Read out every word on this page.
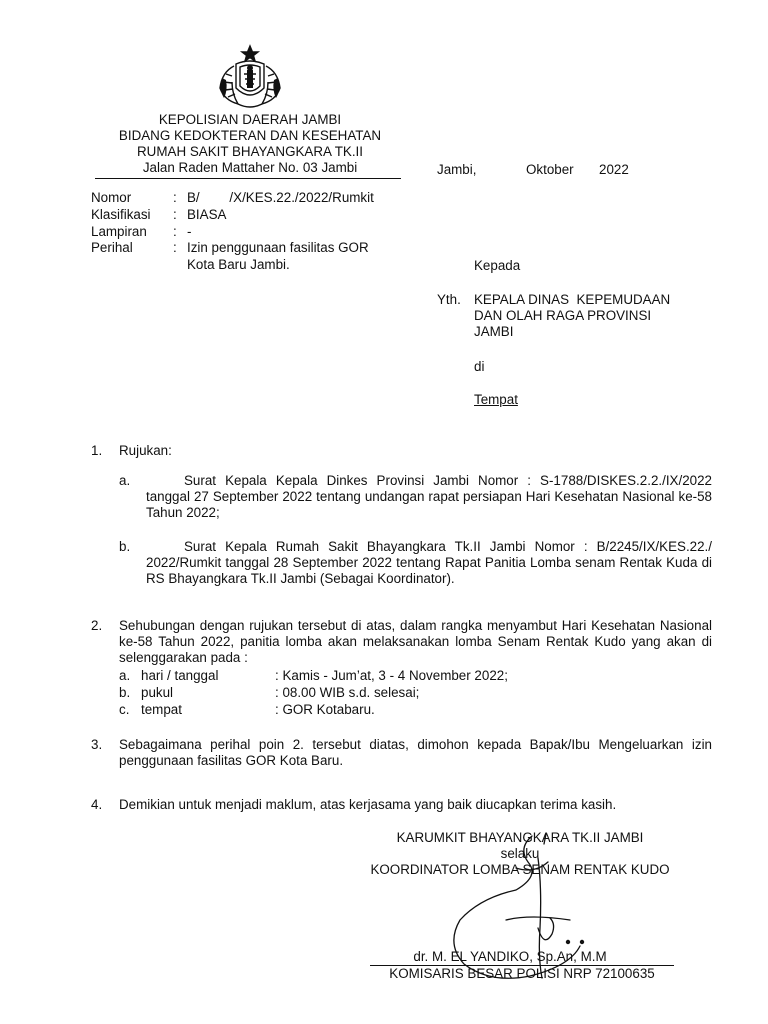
KEPOLISIAN DAERAH JAMBI
BIDANG KEDOKTERAN DAN KESEHATAN
RUMAH SAKIT BHAYANGKARA TK.II
Jalan Raden Mattaher No. 03 Jambi	Jambi,	Oktober 2022
Nomor	: B/        /X/KES.22./2022/Rumkit
Klasifikasi : BIASA
Lampiran : -
Perihal	: Izin penggunaan fasilitas GOR
Kota Baru Jambi.	Kepada
Yth. KEPALA DINAS  KEPEMUDAAN
DAN OLAH RAGA PROVINSI
JAMBI
di
Tempat
1. Rujukan:
a.	Surat Kepala Kepala Dinkes Provinsi Jambi Nomor : S-1788/DISKES.2.2./IX/2022 tanggal 27 September 2022 tentang undangan rapat persiapan Hari Kesehatan Nasional ke-58 Tahun 2022;
b.	Surat Kepala Rumah Sakit Bhayangkara Tk.II Jambi Nomor : B/2245/IX/KES.22./ 2022/Rumkit tanggal 28 September 2022 tentang Rapat Panitia Lomba senam Rentak Kuda di RS Bhayangkara Tk.II Jambi (Sebagai Koordinator).
2. Sehubungan dengan rujukan tersebut di atas, dalam rangka menyambut Hari Kesehatan Nasional ke-58 Tahun 2022, panitia lomba akan melaksanakan lomba Senam Rentak Kudo yang akan di selenggarakan pada :
a. hari / tanggal	: Kamis - Jum’at, 3 - 4 November 2022;
b. pukul	: 08.00 WIB s.d. selesai;
c. tempat	: GOR Kotabaru.
3. Sebagaimana perihal poin 2. tersebut diatas, dimohon kepada Bapak/Ibu Mengeluarkan izin penggunaan fasilitas GOR Kota Baru.
4. Demikian untuk menjadi maklum, atas kerjasama yang baik diucapkan terima kasih.
KARUMKIT BHAYANGKARA TK.II JAMBI
selaku
KOORDINATOR LOMBA SENAM RENTAK KUDO
dr. M. EL YANDIKO, Sp.An, M.M
KOMISARIS BESAR POLISI NRP 72100635
